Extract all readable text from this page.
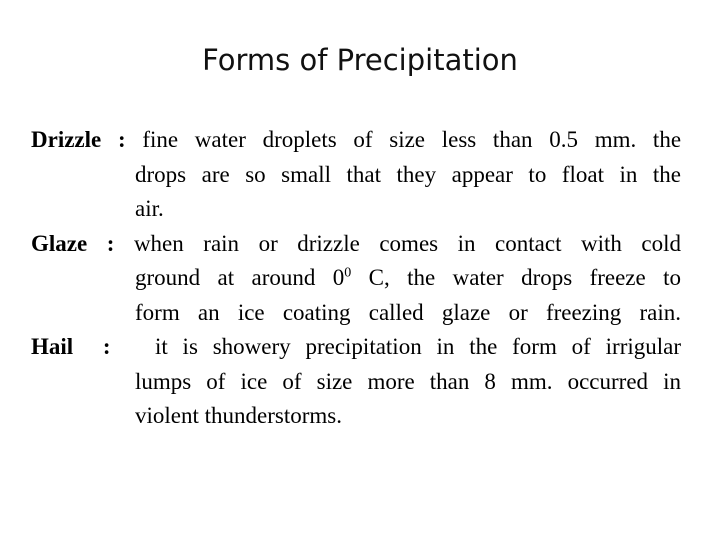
Forms of Precipitation
Drizzle : fine water droplets of size less than 0.5 mm. the
drops are so small that they appear to float in the
air.
Glaze : when rain or drizzle comes in contact with cold
ground at around $0^0$ C, the water drops freeze to
form an ice coating called glaze or freezing rain.
Hail : it is showery precipitation in the form of irrigular
lumps of ice of size more than 8 mm. occurred in
violent thunderstorms.
